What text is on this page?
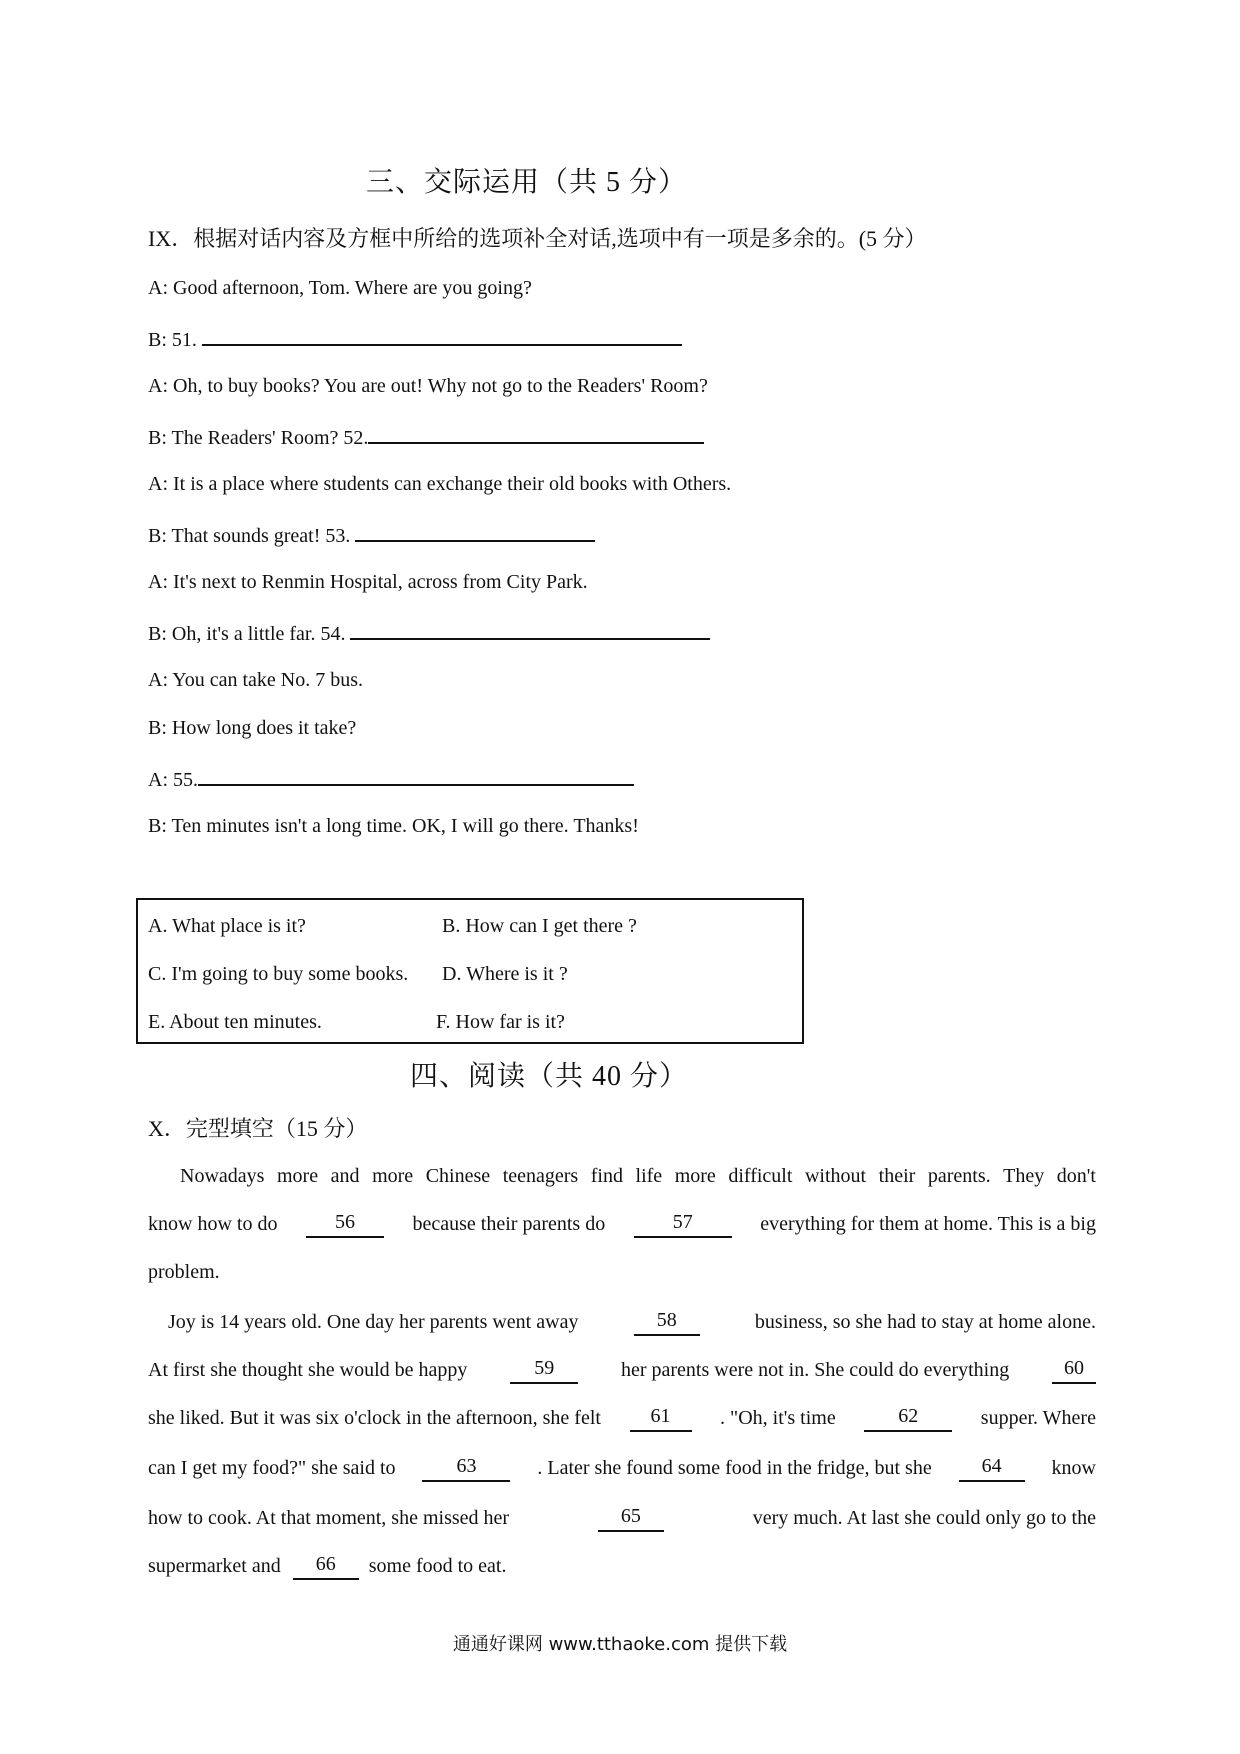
三、交际运用（共 5 分）
IX．根据对话内容及方框中所给的选项补全对话,选项中有一项是多余的。(5 分）
A: Good afternoon, Tom. Where are you going?
B: 51.
A: Oh, to buy books? You are out! Why not go to the Readers' Room?
B: The Readers' Room? 52.
A: It is a place where students can exchange their old books with Others.
B: That sounds great! 53.
A: It's next to Renmin Hospital, across from City Park.
B: Oh, it's a little far. 54.
A: You can take No. 7 bus.
B: How long does it take?
A: 55.
B: Ten minutes isn't a long time. OK, I will go there. Thanks!
A. What place is it?	B. How can I get there ?
C. I'm going to buy some books. D. Where is it ?
E. About ten minutes.	F. How far is it?
四、阅读（共 40 分）
X．完型填空（15 分）
Nowadays more and more Chinese teenagers find life more difficult without their parents. They don't
know how to do	56	because their parents do	57	everything for them at home. This is a big
problem.
Joy is 14 years old. One day her parents went away	58	business, so she had to stay at home alone.
At first she thought she would be happy	59	her parents were not in. She could do everything	60
she liked. But it was six o'clock in the afternoon, she felt	61	. "Oh, it's time	62	supper. Where
can I get my food?" she said to	63	. Later she found some food in the fridge, but she	64	know
how to cook. At that moment, she missed her	65	very much. At last she could only go to the
supermarket and	66	some food to eat.
通通好课网 www.tthaoke.com 提供下载
